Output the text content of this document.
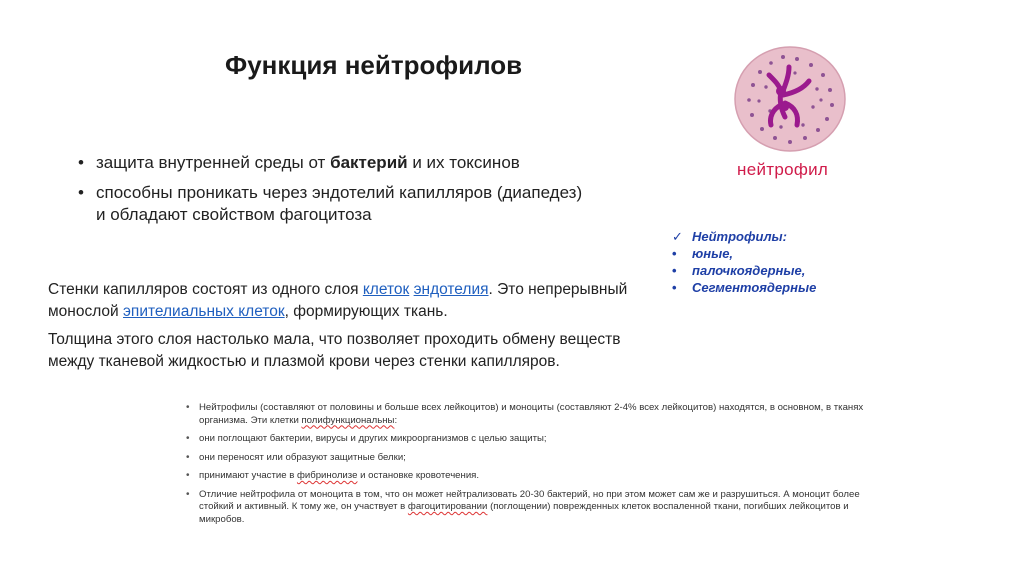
Функция нейтрофилов
• защита внутренней среды от бактерий и их токсинов
• способны проникать через эндотелий капилляров (диапедез) и обладают свойством фагоцитоза
Стенки капилляров состоят из одного слоя клеток эндотелия. Это непрерывный монослой эпителиальных клеток, формирующих ткань.
Толщина этого слоя настолько мала, что позволяет проходить обмену веществ между тканевой жидкостью и плазмой крови через стенки капилляров.
нейтрофил
✓ Нейтрофилы:
• юные,
• палочкоядерные,
• Сегментоядерные
• Нейтрофилы (составляют от половины и больше всех лейкоцитов) и моноциты (составляют 2-4% всех лейкоцитов) находятся, в основном, в тканях организма. Эти клетки полифункциональны:
• они поглощают бактерии, вирусы и других микроорганизмов с целью защиты;
• они переносят или образуют защитные белки;
• принимают участие в фибринолизе и остановке кровотечения.
• Отличие нейтрофила от моноцита в том, что он может нейтрализовать 20-30 бактерий, но при этом может сам же и разрушиться. А моноцит более стойкий и активный. К тому же, он участвует в фагоцитировании (поглощении) поврежденных клеток воспаленной ткани, погибших лейкоцитов и микробов.
